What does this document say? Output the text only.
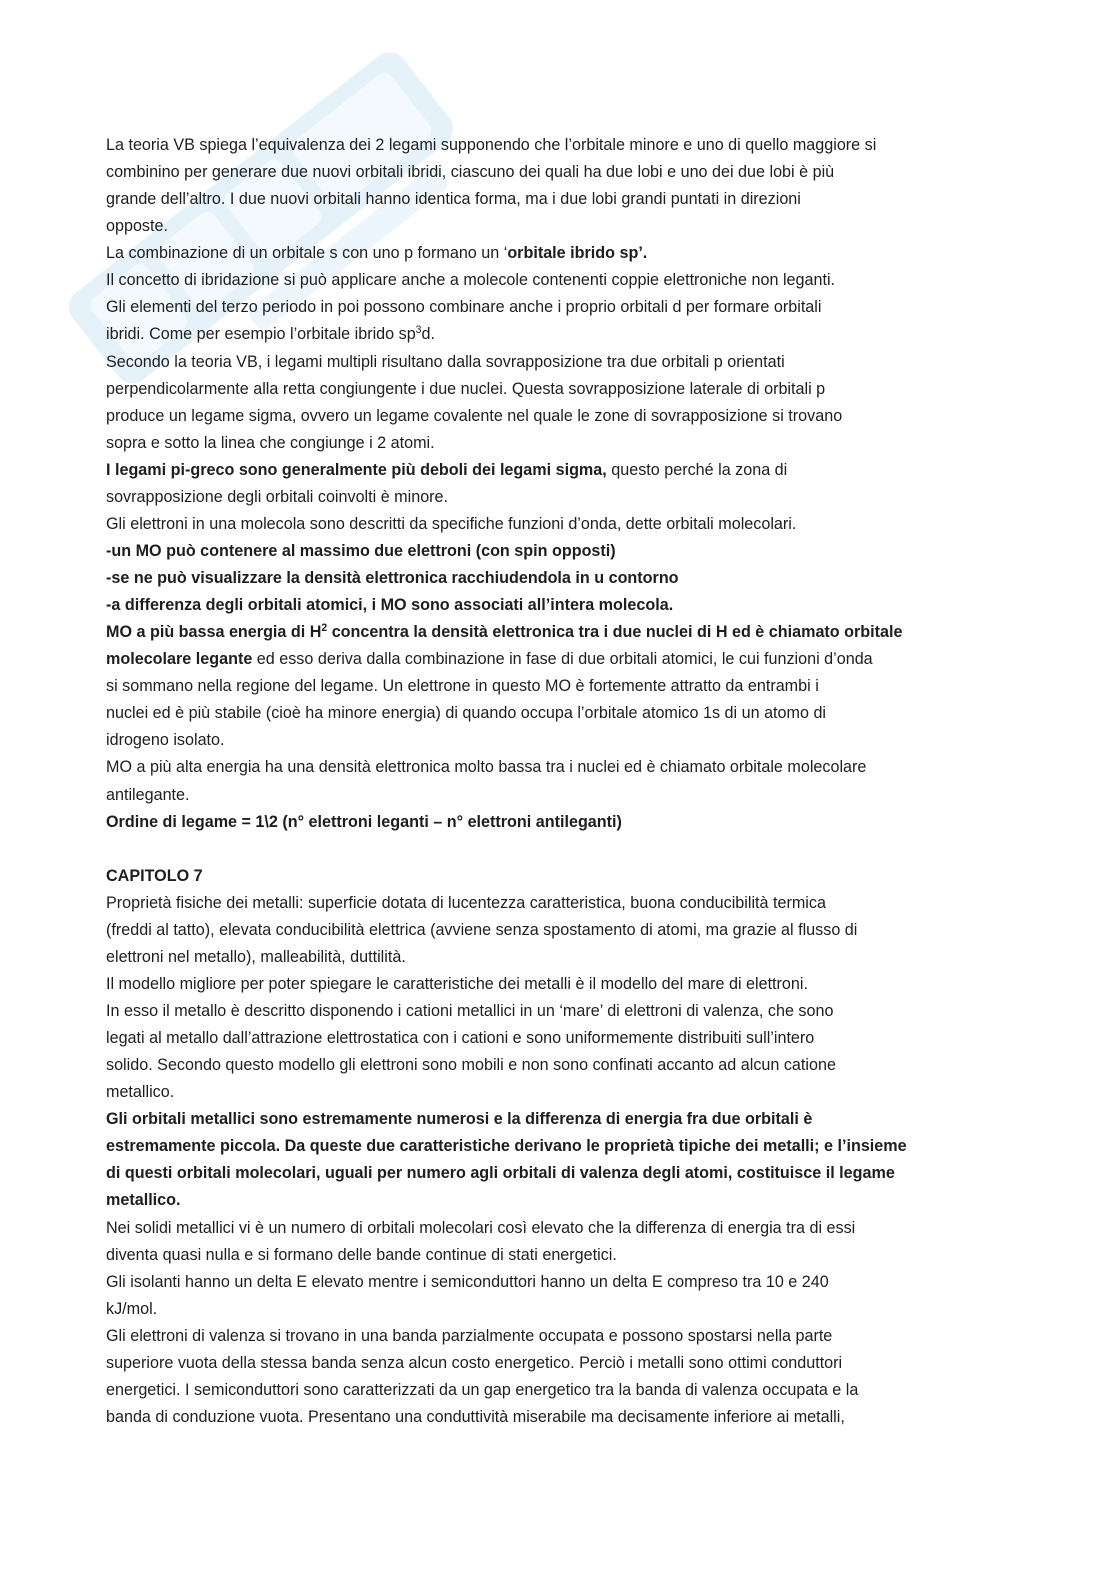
La teoria VB spiega l’equivalenza dei 2 legami supponendo che l’orbitale minore e uno di quello maggiore si
combinino per generare due nuovi orbitali ibridi, ciascuno dei quali ha due lobi e uno dei due lobi è più
grande dell’altro. I due nuovi orbitali hanno identica forma, ma i due lobi grandi puntati in direzioni
opposte.
La combinazione di un orbitale s con uno p formano un ‘orbitale ibrido sp’.
Il concetto di ibridazione si può applicare anche a molecole contenenti coppie elettroniche non leganti.
Gli elementi del terzo periodo in poi possono combinare anche i proprio orbitali d per formare orbitali
ibridi. Come per esempio l’orbitale ibrido $sp^3d$.
Secondo la teoria VB, i legami multipli risultano dalla sovrapposizione tra due orbitali p orientati
perpendicolarmente alla retta congiungente i due nuclei. Questa sovrapposizione laterale di orbitali p
produce un legame sigma, ovvero un legame covalente nel quale le zone di sovrapposizione si trovano
sopra e sotto la linea che congiunge i 2 atomi.
I legami pi-greco sono generalmente più deboli dei legami sigma, questo perché la zona di
sovrapposizione degli orbitali coinvolti è minore.
Gli elettroni in una molecola sono descritti da specifiche funzioni d’onda, dette orbitali molecolari.
-un MO può contenere al massimo due elettroni (con spin opposti)
-se ne può visualizzare la densità elettronica racchiudendola in u contorno
-a differenza degli orbitali atomici, i MO sono associati all’intera molecola.
MO a più bassa energia di $H^2$ concentra la densità elettronica tra i due nuclei di H ed è chiamato orbitale
molecolare legante ed esso deriva dalla combinazione in fase di due orbitali atomici, le cui funzioni d’onda
si sommano nella regione del legame. Un elettrone in questo MO è fortemente attratto da entrambi i
nuclei ed è più stabile (cioè ha minore energia) di quando occupa l’orbitale atomico 1s di un atomo di
idrogeno isolato.
MO a più alta energia ha una densità elettronica molto bassa tra i nuclei ed è chiamato orbitale molecolare
antilegante.
Ordine di legame = 1\2 (n° elettroni leganti – n° elettroni antileganti)

CAPITOLO 7
Proprietà fisiche dei metalli: superficie dotata di lucentezza caratteristica, buona conducibilità termica
(freddi al tatto), elevata conducibilità elettrica (avviene senza spostamento di atomi, ma grazie al flusso di
elettroni nel metallo), malleabilità, duttilità.
Il modello migliore per poter spiegare le caratteristiche dei metalli è il modello del mare di elettroni.
In esso il metallo è descritto disponendo i cationi metallici in un ‘mare’ di elettroni di valenza, che sono
legati al metallo dall’attrazione elettrostatica con i cationi e sono uniformemente distribuiti sull’intero
solido. Secondo questo modello gli elettroni sono mobili e non sono confinati accanto ad alcun catione
metallico.
Gli orbitali metallici sono estremamente numerosi e la differenza di energia fra due orbitali è
estremamente piccola. Da queste due caratteristiche derivano le proprietà tipiche dei metalli; e l’insieme
di questi orbitali molecolari, uguali per numero agli orbitali di valenza degli atomi, costituisce il legame
metallico.
Nei solidi metallici vi è un numero di orbitali molecolari così elevato che la differenza di energia tra di essi
diventa quasi nulla e si formano delle bande continue di stati energetici.
Gli isolanti hanno un delta E elevato mentre i semiconduttori hanno un delta E compreso tra 10 e 240
kJ/mol.
Gli elettroni di valenza si trovano in una banda parzialmente occupata e possono spostarsi nella parte
superiore vuota della stessa banda senza alcun costo energetico. Perciò i metalli sono ottimi conduttori
energetici. I semiconduttori sono caratterizzati da un gap energetico tra la banda di valenza occupata e la
banda di conduzione vuota. Presentano una conduttività miserabile ma decisamente inferiore ai metalli,
